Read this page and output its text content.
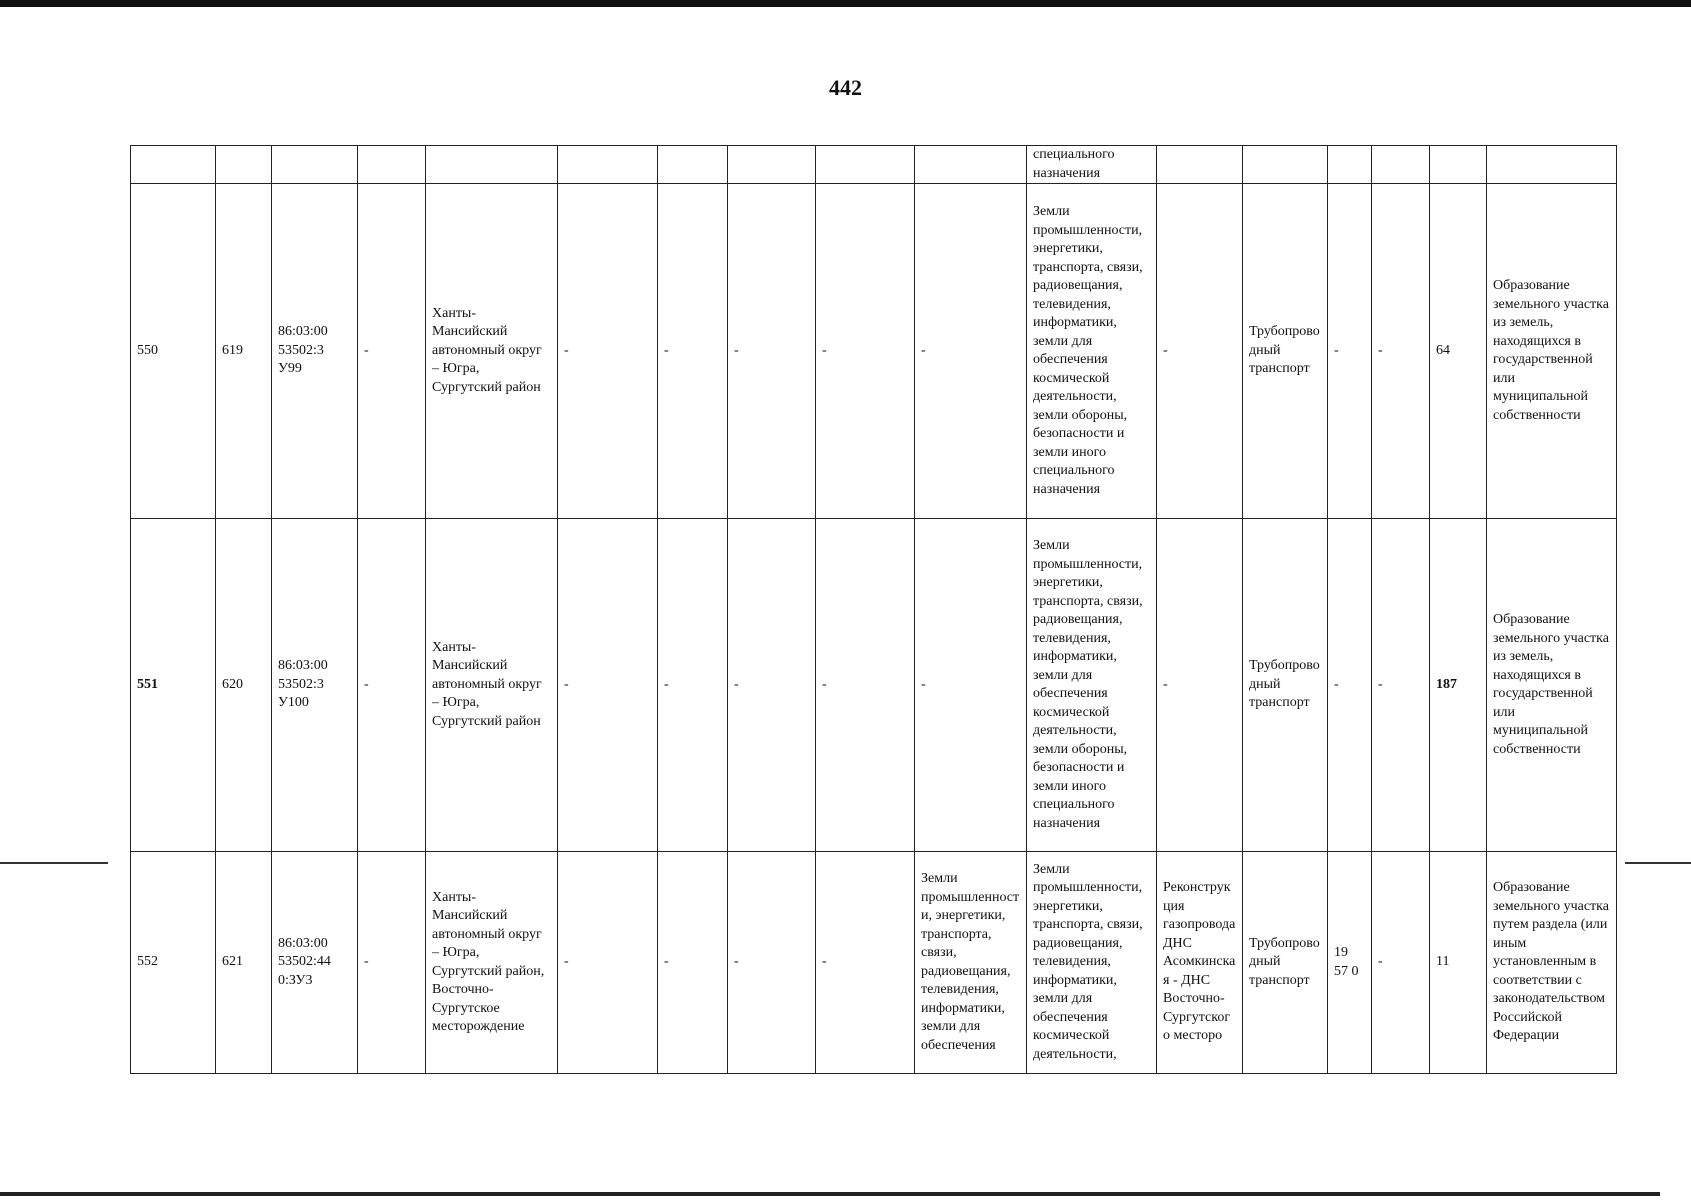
442
										специального назначения						
550	619	86:03:00 53502:3 У99	-	Ханты-Мансийский автономный округ – Югра, Сургутский район	-	-	-	-	-	Земли промышленности, энергетики, транспорта, связи, радиовещания, телевидения, информатики, земли для обеспечения космической деятельности, земли обороны, безопасности и земли иного специального назначения	-	Трубопроводный транспорт	-	-	64	Образование земельного участка из земель, находящихся в государственной или муниципальной собственности
551	620	86:03:00 53502:3 У100	-	Ханты-Мансийский автономный округ – Югра, Сургутский район	-	-	-	-	-	Земли промышленности, энергетики, транспорта, связи, радиовещания, телевидения, информатики, земли для обеспечения космической деятельности, земли обороны, безопасности и земли иного специального назначения	-	Трубопроводный транспорт	-	-	187	Образование земельного участка из земель, находящихся в государственной или муниципальной собственности
552	621	86:03:00 53502:44 0:ЗУ3	-	Ханты-Мансийский автономный округ – Югра, Сургутский район, Восточно-Сургутское месторождение	-	-	-	-	Земли промышленности, энергетики, транспорта, связи, радиовещания, телевидения, информатики, земли для обеспечения	Земли промышленности, энергетики, транспорта, связи, радиовещания, телевидения, информатики, земли для обеспечения космической деятельности,	Реконструкция газопровода ДНС Асомкинская - ДНС Восточно-Сургутского месторо	Трубопроводный транспорт	19 57 0	-	11	Образование земельного участка путем раздела (или иным установленным в соответствии с законодательством Российской Федерации
